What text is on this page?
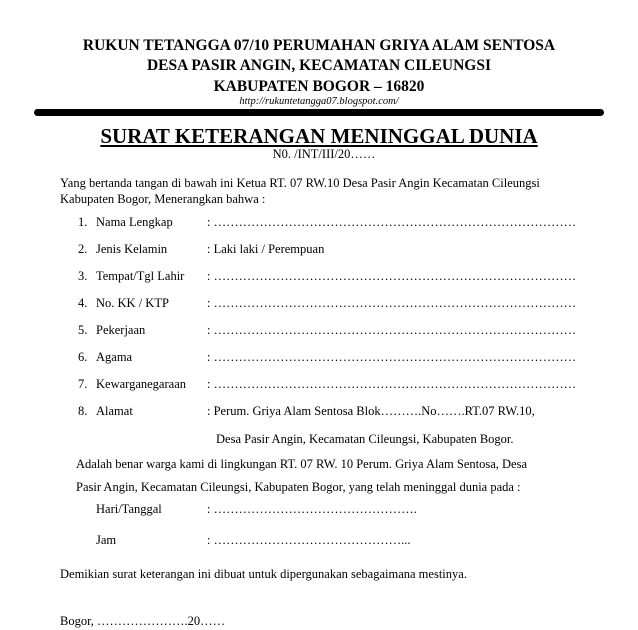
RUKUN TETANGGA 07/10 PERUMAHAN GRIYA ALAM SENTOSA
DESA PASIR ANGIN, KECAMATAN CILEUNGSI
KABUPATEN BOGOR – 16820
http://rukuntetangga07.blogspot.com/
SURAT KETERANGAN MENINGGAL DUNIA
N0. /INT/III/20……
Yang bertanda tangan di bawah ini Ketua RT. 07 RW.10 Desa Pasir Angin Kecamatan Cileungsi
Kabupaten Bogor, Menerangkan bahwa :
1. Nama Lengkap	: ……………………………………………………………………………
2. Jenis Kelamin	: Laki laki / Perempuan
3. Tempat/Tgl Lahir : ……………………………………………………………………………
4. No. KK / KTP	: ……………………………………………………………………………
5. Pekerjaan	: ……………………………………………………………………………
6. Agama	: ……………………………………………………………………………
7. Kewarganegaraan : ……………………………………………………………………………
8. Alamat	: Perum. Griya Alam Sentosa Blok……….No…….RT.07 RW.10,
Desa Pasir Angin, Kecamatan Cileungsi, Kabupaten Bogor.
Adalah benar warga kami di lingkungan RT. 07 RW. 10 Perum. Griya Alam Sentosa, Desa
Pasir Angin, Kecamatan Cileungsi, Kabupaten Bogor, yang telah meninggal dunia pada :
Hari/Tanggal	: ………………………………………….
Jam	: ………………………………………...
Demikian surat keterangan ini dibuat untuk dipergunakan sebagaimana mestinya.
Bogor, ………………….20……
